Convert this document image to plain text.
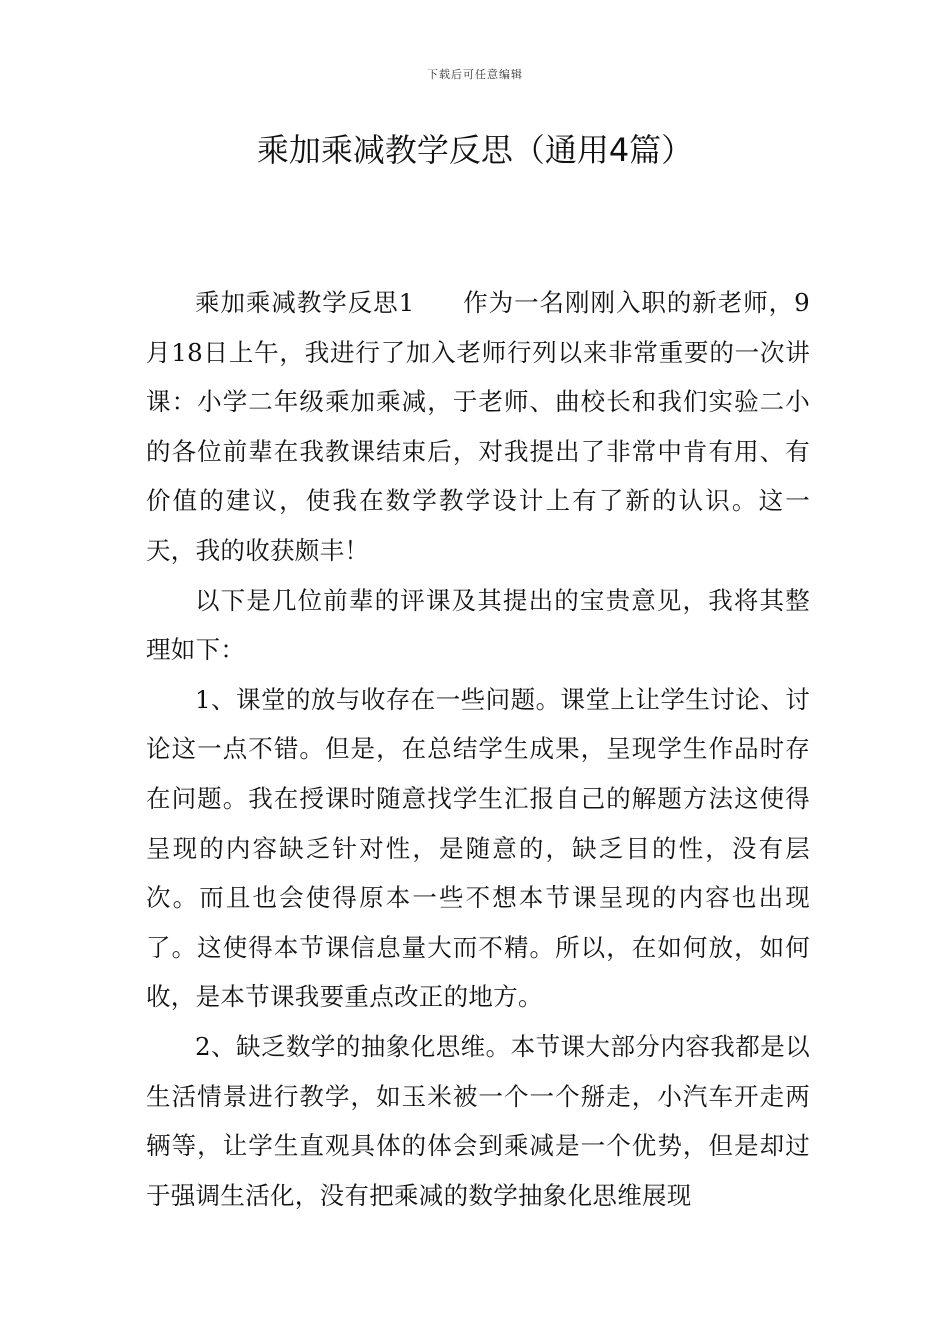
下载后可任意编辑
乘加乘减教学反思（通用4篇）

乘加乘减教学反思1 作为一名刚刚入职的新老师，9月18日上午，我进行了加入老师行列以来非常重要的一次讲课：小学二年级乘加乘减，于老师、曲校长和我们实验二小的各位前辈在我教课结束后，对我提出了非常中肯有用、有价值的建议，使我在数学教学设计上有了新的认识。这一天，我的收获颇丰！

以下是几位前辈的评课及其提出的宝贵意见，我将其整理如下：

1、课堂的放与收存在一些问题。课堂上让学生讨论、讨论这一点不错。但是，在总结学生成果，呈现学生作品时存在问题。我在授课时随意找学生汇报自己的解题方法这使得呈现的内容缺乏针对性，是随意的，缺乏目的性，没有层次。而且也会使得原本一些不想本节课呈现的内容也出现了。这使得本节课信息量大而不精。所以，在如何放，如何收，是本节课我要重点改正的地方。

2、缺乏数学的抽象化思维。本节课大部分内容我都是以生活情景进行教学，如玉米被一个一个掰走，小汽车开走两辆等，让学生直观具体的体会到乘减是一个优势，但是却过于强调生活化，没有把乘减的数学抽象化思维展现
